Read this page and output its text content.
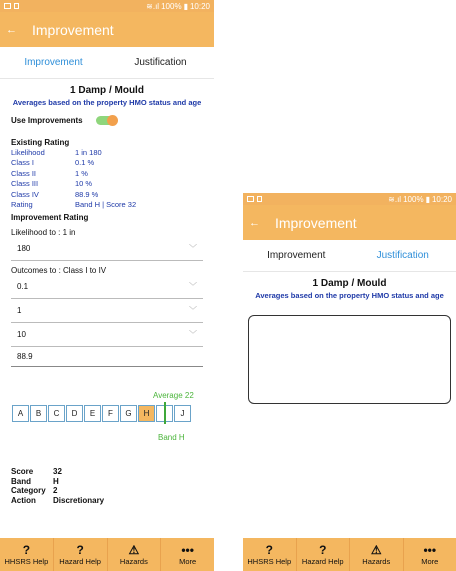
≋.ıl 100% ▮ 10:20
←	Improvement
Improvement	Justification
1 Damp / Mould
Averages based on the property HMO status and age
Use Improvements
Existing Rating
Likelihood	1 in 180
Class I	0.1 %
Class II	1 %
Class III	10 %
Class IV	88.9 %
Rating	Band H | Score 32
Improvement Rating
Likelihood to : 1 in
180	﹀
Outcomes to : Class I to IV
0.1	﹀
1	﹀
10	﹀
88.9
Average 22
A	B	C	D	E	F	G	H	J
Band H
Score	32
Band	H
Category 2
Action	Discretionary
?
HHSRS Help
?
Hazard Help
⚠
Hazards
•••
More
≋.ıl 100% ▮ 10:20
←	Improvement
Improvement	Justification
1 Damp / Mould
Averages based on the property HMO status and age
?
HHSRS Help
?
Hazard Help
⚠
Hazards
•••
More
